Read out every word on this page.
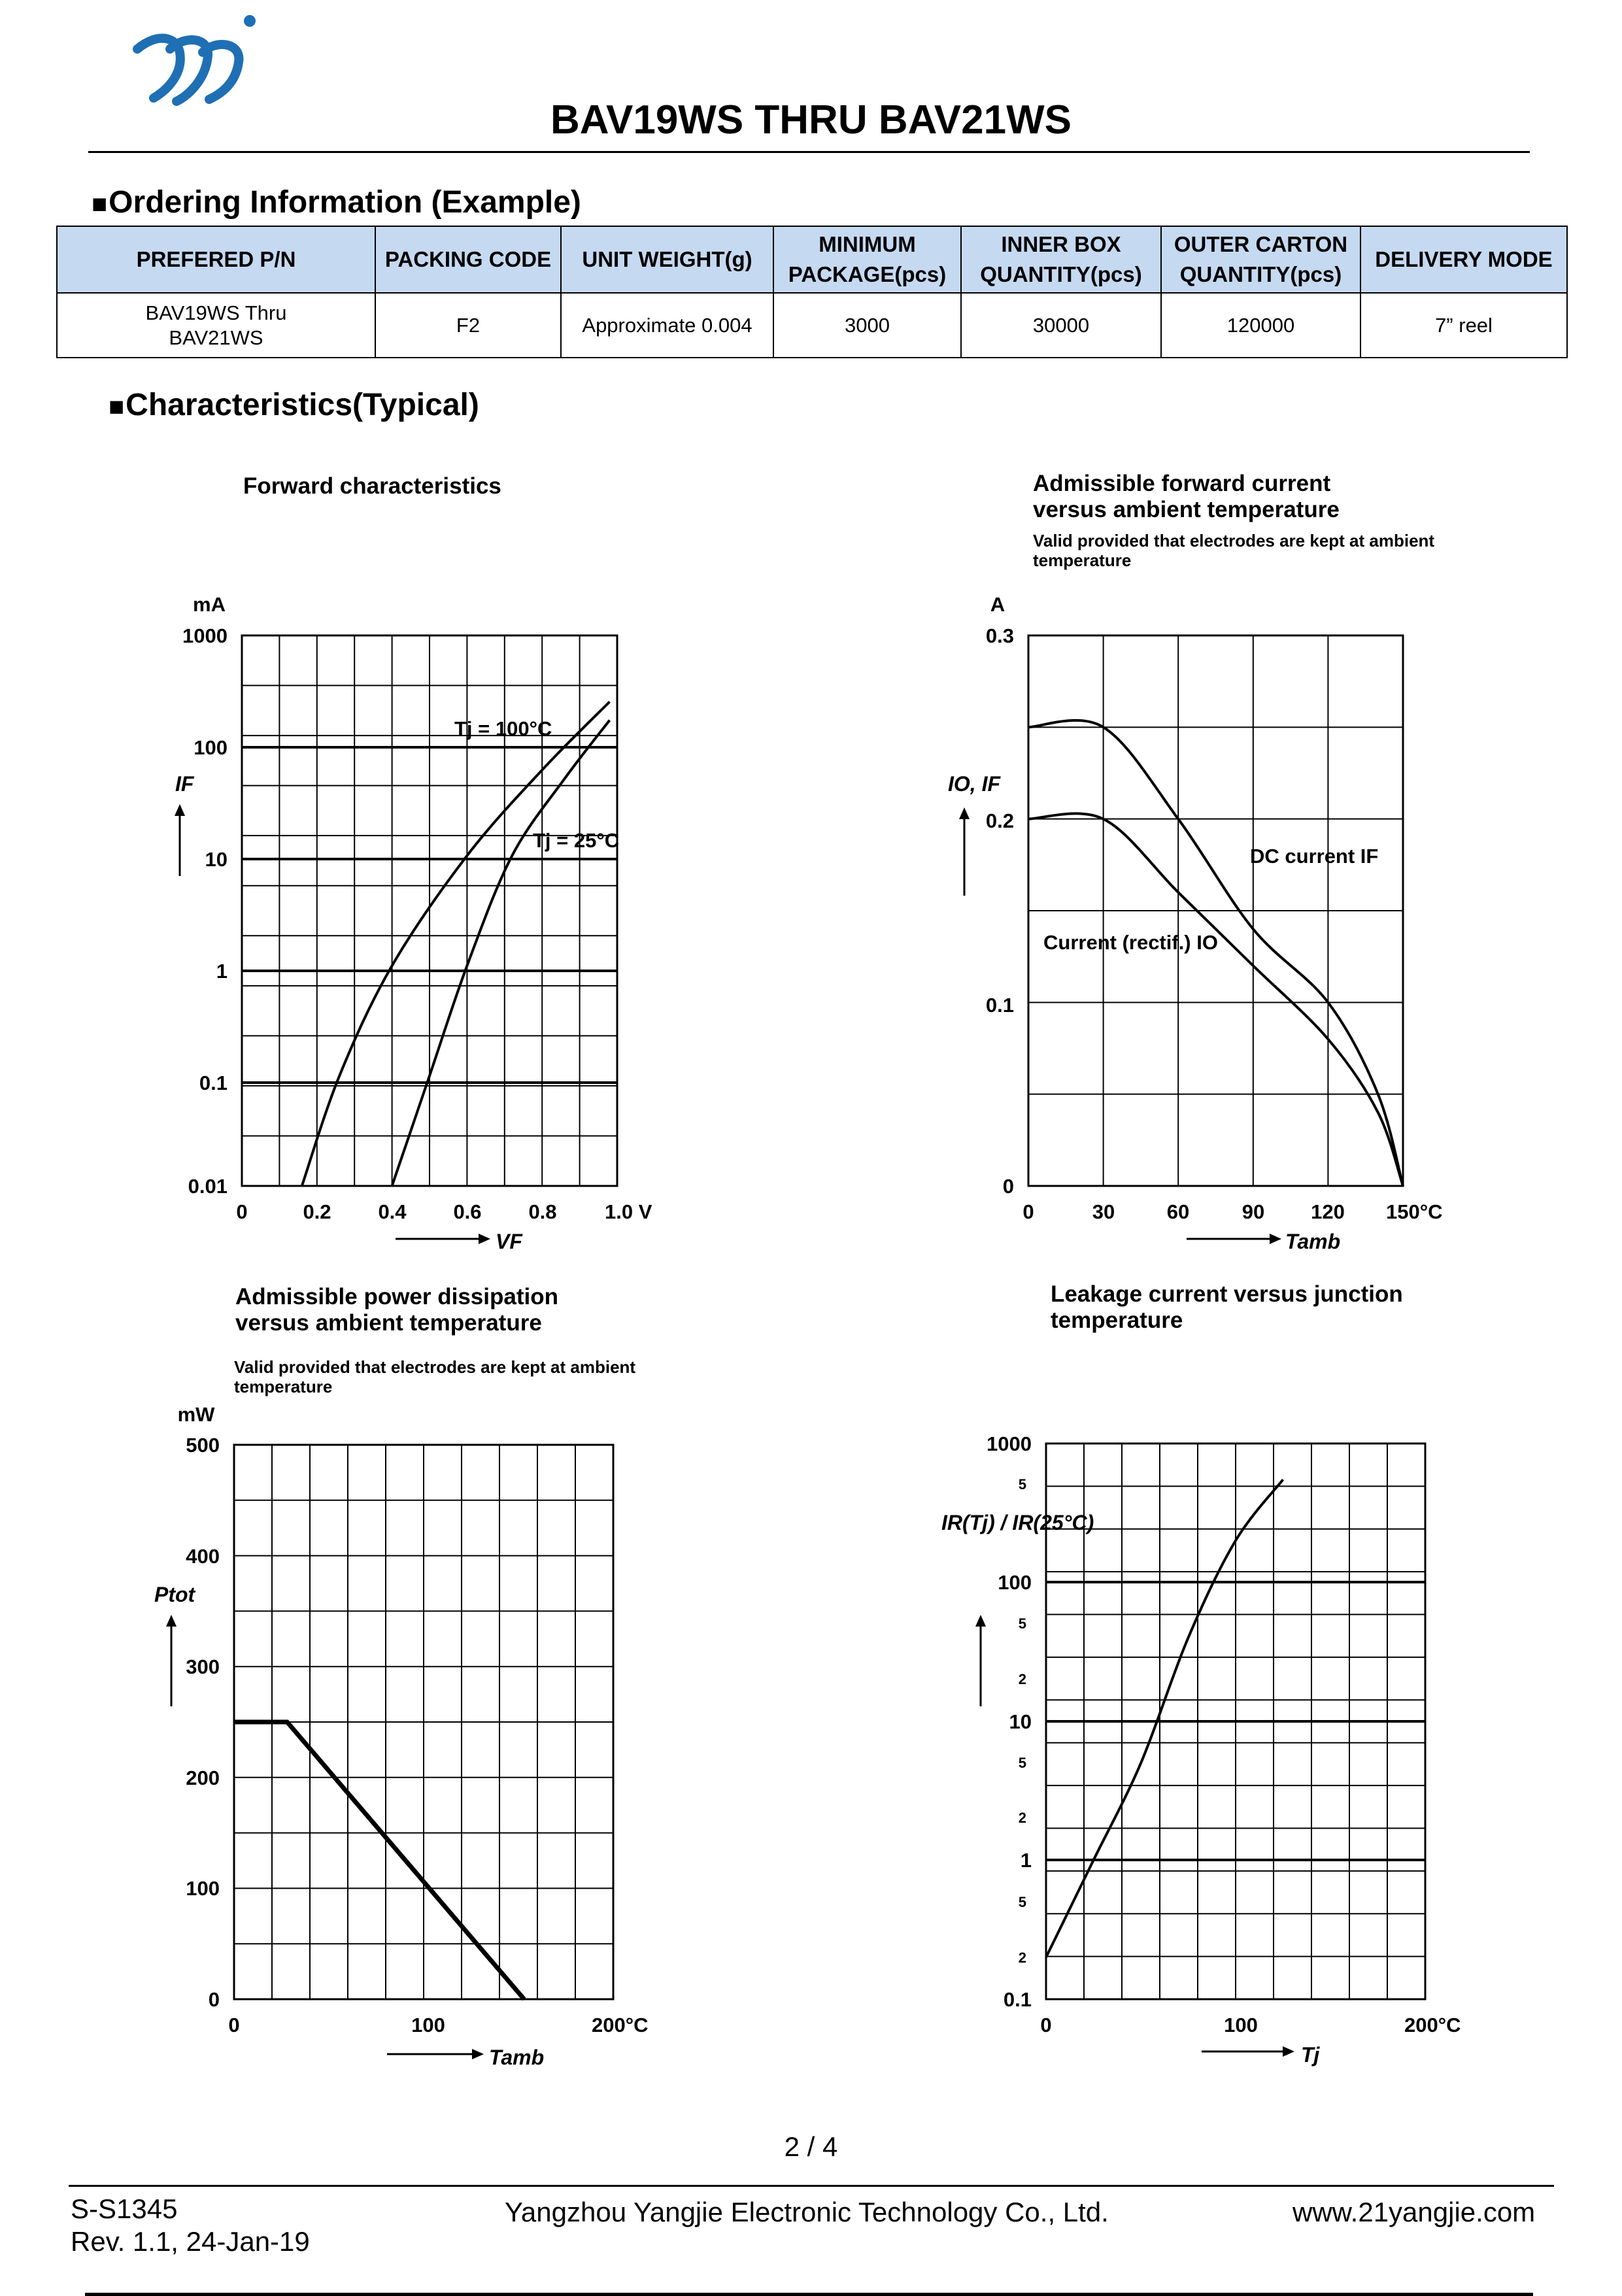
BAV19WS THRU BAV21WS
■Ordering Information (Example)
PREFERED P/N	PACKING CODE	UNIT WEIGHT(g)	MINIMUM PACKAGE(pcs)	INNER BOX QUANTITY(pcs)	OUTER CARTON QUANTITY(pcs)	DELIVERY MODE
BAV19WS Thru BAV21WS	F2	Approximate 0.004	3000	30000	120000	7” reel
■Characteristics(Typical)
Forward characteristics	Admissible forward current versus ambient temperature
Valid provided that electrodes are kept at ambient temperature
Admissible power dissipation versus ambient temperature
Valid provided that electrodes are kept at ambient temperature
Leakage current versus junction temperature
0	0.2 0.4 0.6 0.8 1.0 V
1000
100
10
1
0.1
0.01
mA
IF
VF
Tj = 100°C
Tj = 25°C
0	30	60	90 120 150°C
0.3
0.2
0.1
0
A
IO, IF
Tamb
DC current IF
Current (rectif.) IO
0	100	200°C
500
400
300
200
100
0
mW
Ptot
Tamb
0	100	200°C
1000
100
10
1
0.1
5
5
2
5
2
5
2
IR(Tj) / IR(25°C)
Tj
2 / 4
S-S1345
Rev. 1.1, 24-Jan-19
Yangzhou Yangjie Electronic Technology Co., Ltd.	www.21yangjie.com
